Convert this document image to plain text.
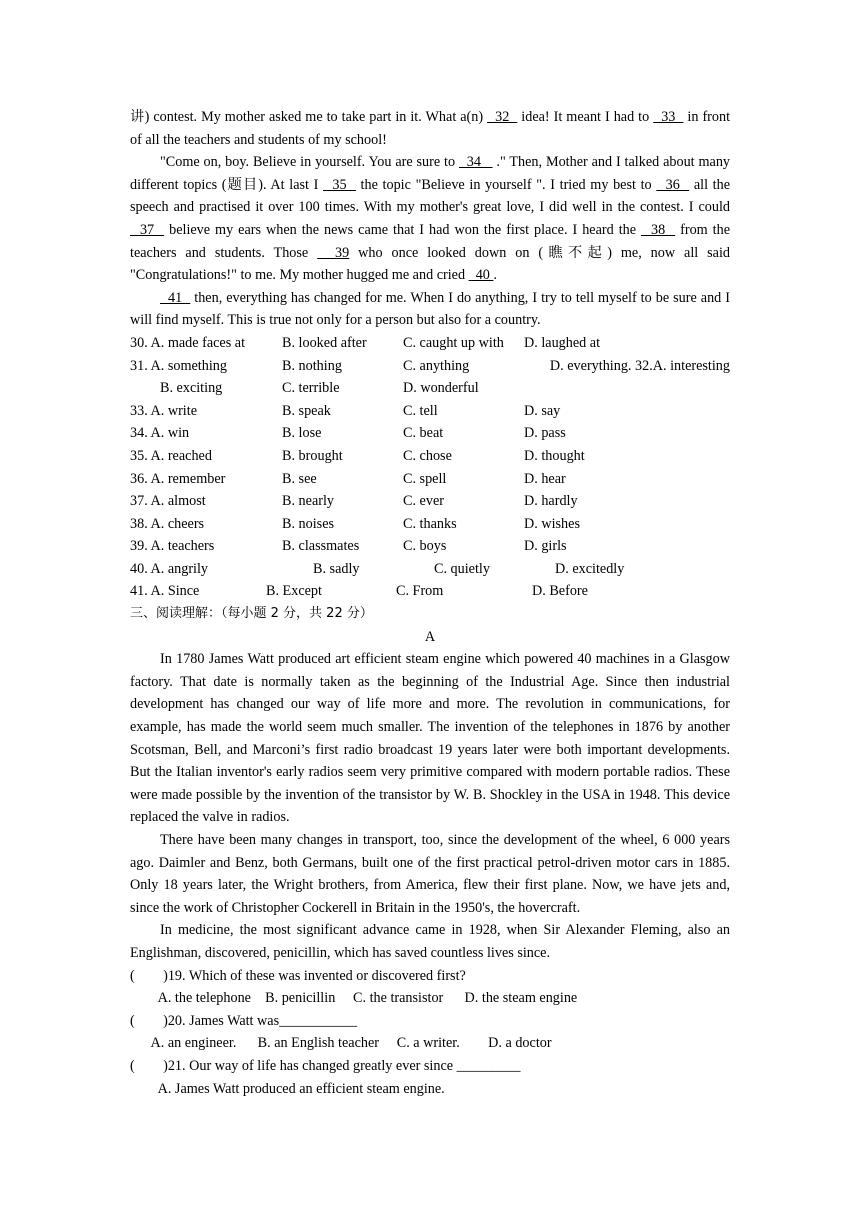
讲) contest. My mother asked me to take part in it. What a(n)   32   idea! It meant I had to   33   in front of all the teachers and students of my school!

"Come on, boy. Believe in yourself. You are sure to   34    ." Then, Mother and I talked about many different topics (题目). At last I   35   the topic "Believe in yourself ". I tried my best to   36   all the speech and practised it over 100 times. With my mother's great love, I did well in the contest. I could   37   believe my ears when the news came that I had won the first place. I heard the   38   from the teachers and students. Those   39 who once looked down on (瞧不起) me, now all said "Congratulations!" to me. My mother hugged me and cried   40 .

41   then, everything has changed for me. When I do anything, I try to tell myself to be sure and I will find myself. This is true not only for a person but also for a country.

30. A. made faces at	B. looked after	C. caught up with D. laughed at
31. A. something	B. nothing	C. anything	D. everything. 32.A. interesting
B. exciting	C. terrible	D. wonderful
33. A. write	B. speak	C. tell	D. say
34. A. win	B. lose	C. beat	D. pass
35. A. reached	B. brought	C. chose	D. thought
36. A. remember	B. see	C. spell	D. hear
37. A. almost	B. nearly	C. ever	D. hardly
38. A. cheers	B. noises	C. thanks	D. wishes
39. A. teachers	B. classmates	C. boys	D. girls
40. A. angrily	B. sadly	C. quietly	D. excitedly
41. A. Since	B. Except	C. From	D. Before

三、阅读理解：（每小题 2 分，共 22 分）

A

In 1780 James Watt produced art efficient steam engine which powered 40 machines in a Glasgow factory. That date is normally taken as the beginning of the Industrial Age. Since then industrial development has changed our way of life more and more. The revolution in communications, for example, has made the world seem much smaller. The invention of the telephones in 1876 by another Scotsman, Bell, and Marconi’s first radio broadcast 19 years later were both important developments. But the Italian inventor's early radios seem very primitive compared with modern portable radios. These were made possible by the invention of the transistor by W. B. Shockley in the USA in 1948. This device replaced the valve in radios.

There have been many changes in transport, too, since the development of the wheel, 6 000 years ago. Daimler and Benz, both Germans, built one of the first practical petrol-driven motor cars in 1885. Only 18 years later, the Wright brothers, from America, flew their first plane. Now, we have jets and, since the work of Christopher Cockerell in Britain in the 1950's, the hovercraft.

In medicine, the most significant advance came in 1928, when Sir Alexander Fleming, also an Englishman, discovered, penicillin, which has saved countless lives since.

(        )19. Which of these was invented or discovered first?
A. the telephone    B. penicillin     C. the transistor      D. the steam engine
(        )20. James Watt was___________
A. an engineer.      B. an English teacher     C. a writer.        D. a doctor
(        )21. Our way of life has changed greatly ever since _________
A. James Watt produced an efficient steam engine.
